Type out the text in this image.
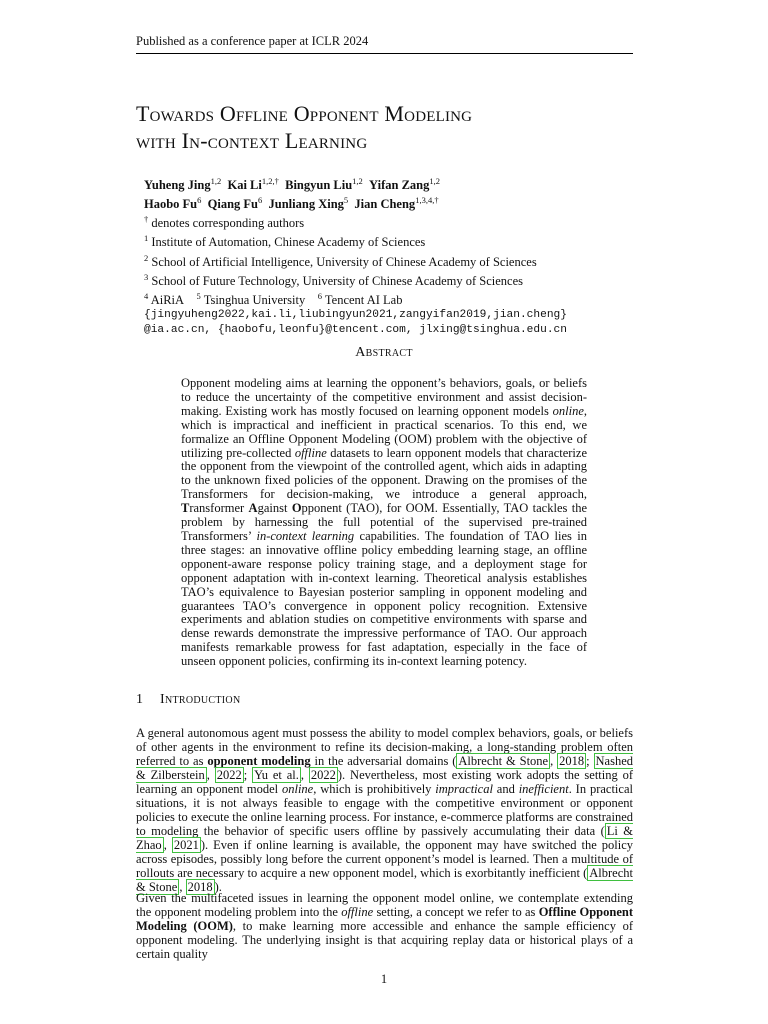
Published as a conference paper at ICLR 2024
Towards Offline Opponent Modeling
with In-context Learning
Yuheng Jing$^{1,2}$ Kai $Li^{1,2,\dagger}$ Bingyun Liu$^{1,2}$ Yifan Zang$^{1,2}$
Haobo Fu$^6$ Qiang Fu$^6$ Junliang Xing$^5$ Jian Cheng$^{1,3,4,\dagger}$
† denotes corresponding authors
$^1$ Institute of Automation, Chinese Academy of Sciences
$^2$ School of Artificial Intelligence, University of Chinese Academy of Sciences
$^3$ School of Future Technology, University of Chinese Academy of Sciences
$^4$ AiRiA $^5$ Tsinghua University $^6$ Tencent AI Lab
{jingyuheng2022,kai.li,liubingyun2021,zangyifan2019,jian.cheng}
@ia.ac.cn, {haobofu,leonfu}@tencent.com, jlxing@tsinghua.edu.cn
Abstract
Opponent modeling aims at learning the opponent’s behaviors, goals, or beliefs to reduce the uncertainty of the competitive environment and assist decision-making. Existing work has mostly focused on learning opponent models online, which is impractical and inefficient in practical scenarios. To this end, we formalize an Offline Opponent Modeling (OOM) problem with the objective of utilizing pre-collected offline datasets to learn opponent models that characterize the opponent from the viewpoint of the controlled agent, which aids in adapting to the unknown fixed policies of the opponent. Drawing on the promises of the Transformers for decision-making, we introduce a general approach, Transformer Against Opponent (TAO), for OOM. Essentially, TAO tackles the problem by harnessing the full potential of the supervised pre-trained Transformers’ in-context learning capabilities. The foundation of TAO lies in three stages: an innovative offline policy embedding learning stage, an offline opponent-aware response policy training stage, and a deployment stage for opponent adaptation with in-context learning. Theoretical analysis establishes TAO’s equivalence to Bayesian posterior sampling in opponent modeling and guarantees TAO’s convergence in opponent policy recognition. Extensive experiments and ablation studies on competitive environments with sparse and dense rewards demonstrate the impressive performance of TAO. Our approach manifests remarkable prowess for fast adaptation, especially in the face of unseen opponent policies, confirming its in-context learning potency.
1 Introduction

A general autonomous agent must possess the ability to model complex behaviors, goals, or beliefs of other agents in the environment to refine its decision-making, a long-standing problem often referred to as opponent modeling in the adversarial domains ( Albrecht & Stone , 2018 ; Nashed & Zilberstein , 2022 ; Yu et al. , 2022 ). Nevertheless, most existing work adopts the setting of learning an opponent model online, which is prohibitively impractical and inefficient. In practical situations, it is not always feasible to engage with the competitive environment or opponent policies to execute the online learning process. For instance, e-commerce platforms are constrained to modeling the behavior of specific users offline by passively accumulating their data ( Li & Zhao , 2021 ). Even if online learning is available, the opponent may have switched the policy across episodes, possibly long before the current opponent’s model is learned. Then a multitude of rollouts are necessary to acquire a new opponent model, which is exorbitantly inefficient ( Albrecht & Stone , 2018 ).

Given the multifaceted issues in learning the opponent model online, we contemplate extending the opponent modeling problem into the offline setting, a concept we refer to as Offline Opponent Modeling (OOM), to make learning more accessible and enhance the sample efficiency of opponent modeling. The underlying insight is that acquiring replay data or historical plays of a certain quality

1
